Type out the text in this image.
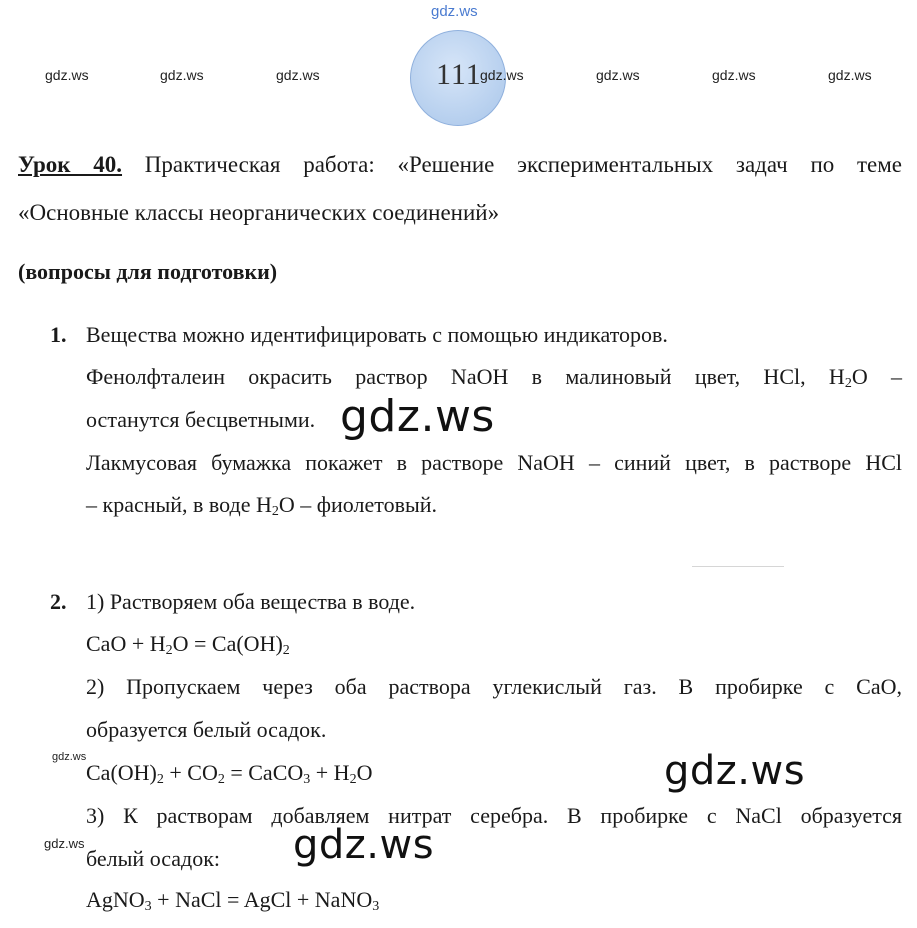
gdz.ws
gdz.ws	gdz.ws	gdz.ws	111
gdz.ws	gdz.ws	gdz.ws	gdz.ws
Урок 40. Практическая работа: «Решение экспериментальных задач по теме
«Основные классы неорганических соединений»
(вопросы для подготовки)
1. Вещества можно идентифицировать с помощью индикаторов.
Фенолфталеин окрасить раствор NaOH в малиновый цвет, HCl, $H_2O$ –
останутся бесцветными.
Лакмусовая бумажка покажет в растворе NaOH – синий цвет, в растворе HCl
– красный, в воде $H_2O$ – фиолетовый.
gdz.ws
2. 1) Растворяем оба вещества в воде.
CaO + $H_2O = Ca(OH)_2$
2) Пропускаем через оба раствора углекислый газ. В пробирке с CaO,
образуется белый осадок.
gdz.ws
$Ca(OH)_2 + CO_2$ = CaCO$_3$ + $H_2O$	gdz.ws
3) К растворам добавляем нитрат серебра. В пробирке с NaCl образуется
gdz.ws
белый осадок: gdz.ws
AgNO$_3$ + NaCl = AgCl + NaNO$_3$
